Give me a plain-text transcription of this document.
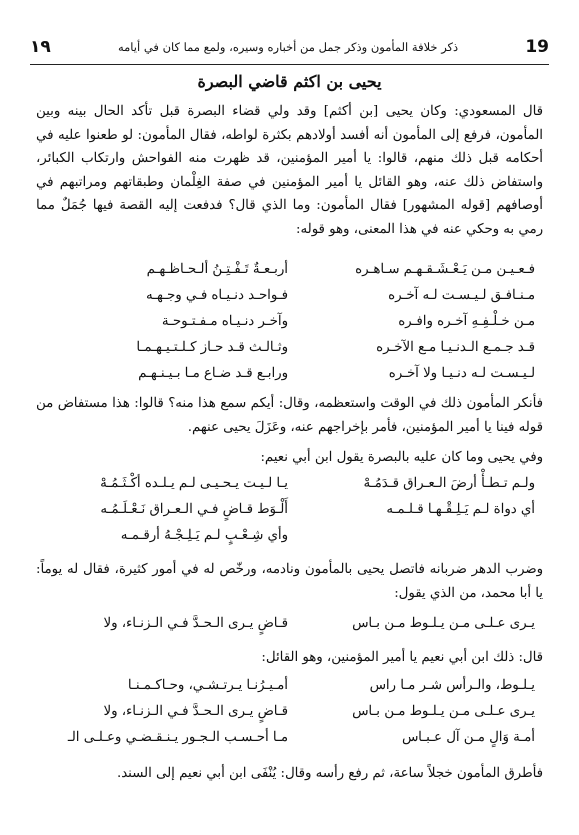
١٩	ذكر خلافة المأمون وذكر جمل من أخباره وسيره، ولمع مما كان في أيامه	19
يحيى بن اكثم قاضي البصرة

قال المسعودي: وكان يحيى [بن أكثم] وقد ولي قضاء البصرة قبل تأكد الحال بينه وبين المأمون، فرفع إلى المأمون أنه أفسد أولادهم بكثرة لواطه، فقال المأمون: لو طعنوا عليه في أحكامه قبل ذلك منهم، قالوا: يا أمير المؤمنين، قد ظهرت منه الفواحش وارتكاب الكبائر، واستفاض ذلك عنه، وهو القائل يا أمير المؤمنين في صفة الغِلْمان وطبقاتهم ومراتبهم في أوصافهم [قوله المشهور] فقال المأمون: وما الذي قال؟ فدفعت إليه القصة فيها جُمَلٌ مما رمي به وحكي عنه في هذا المعنى، وهو قوله:

أربـعـةٌ تَـفْـتِـنُ ألـحـاظـهـم	فـعـيـن مـن يَـعْـشَـقـهـم سـاهـره
فـواحـد دنـيـاه فـي وجـهـه	مـنـافـق لـيـسـت لـه آخـره
وآخـر دنـيـاه مـفـتـوحـة	مـن خـلْـفِـهِ آخـره وافـره
وثـالـث قـد حـاز كـلـتـيـهـمـا	قـد جـمـع الـدنـيـا مـع الآخـره
ورابـع قـد ضـاع مـا بـيـنـهـم	لـيـسـت لـه دنـيـا ولا آخـره

فأنكر المأمون ذلك في الوقت واستعظمه، وقال: أيكم سمع هذا منه؟ قالوا: هذا مستفاض من قوله فينا يا أمير المؤمنين، فأمر بإخراجهم عنه، وعَزَلَ يحيى عنهم.

وفي يحيى وما كان عليه بالبصرة يقول ابن أبي نعيم:

يـا لـيـت يـحـيـى لـم يـلـده أكْـثَـمُـهْ	ولـم تـطـأْ أرضَ الـعـراق قـدَمُـهْ
أَلْـوَط قـاضٍ فـي الـعـراق نَـعْـلَـمُـه	أي دواة لـم يَـلِـقْـهـا قـلـمـه
وأي شِـعْـبٍ لـم يَـلِـجْـهُ أرقـمـه

وضرب الدهر ضربانه فاتصل يحيى بالمأمون ونادمه، ورخّص له في أمور كثيرة، فقال له يوماً: يا أبا محمد، من الذي يقول:

قـاضٍ يـرى الـحـدَّ فـي الـزنـاء، ولا	يـرى عـلـى مـن يـلـوط مـن بـاس

قال: ذلك ابن أبي نعيم يا أمير المؤمنين، وهو القائل:

أمـيـرُنـا يـرتـشـي، وحـاكـمـنـا	يـلـوط، والـرأس شـر مـا راس
قـاضٍ يـرى الـحـدَّ فـي الـزنـاء، ولا	يـرى عـلـى مـن يـلـوط مـن بـاس
مـا أحـسـب الـجـور يـنـقـضـي وعـلـى الـ	أمـة وَالٍ مـن آل عـبـاس

فأطرق المأمون خجلاً ساعة، ثم رفع رأسه وقال: يُنْفَى ابن أبي نعيم إلى السند.
